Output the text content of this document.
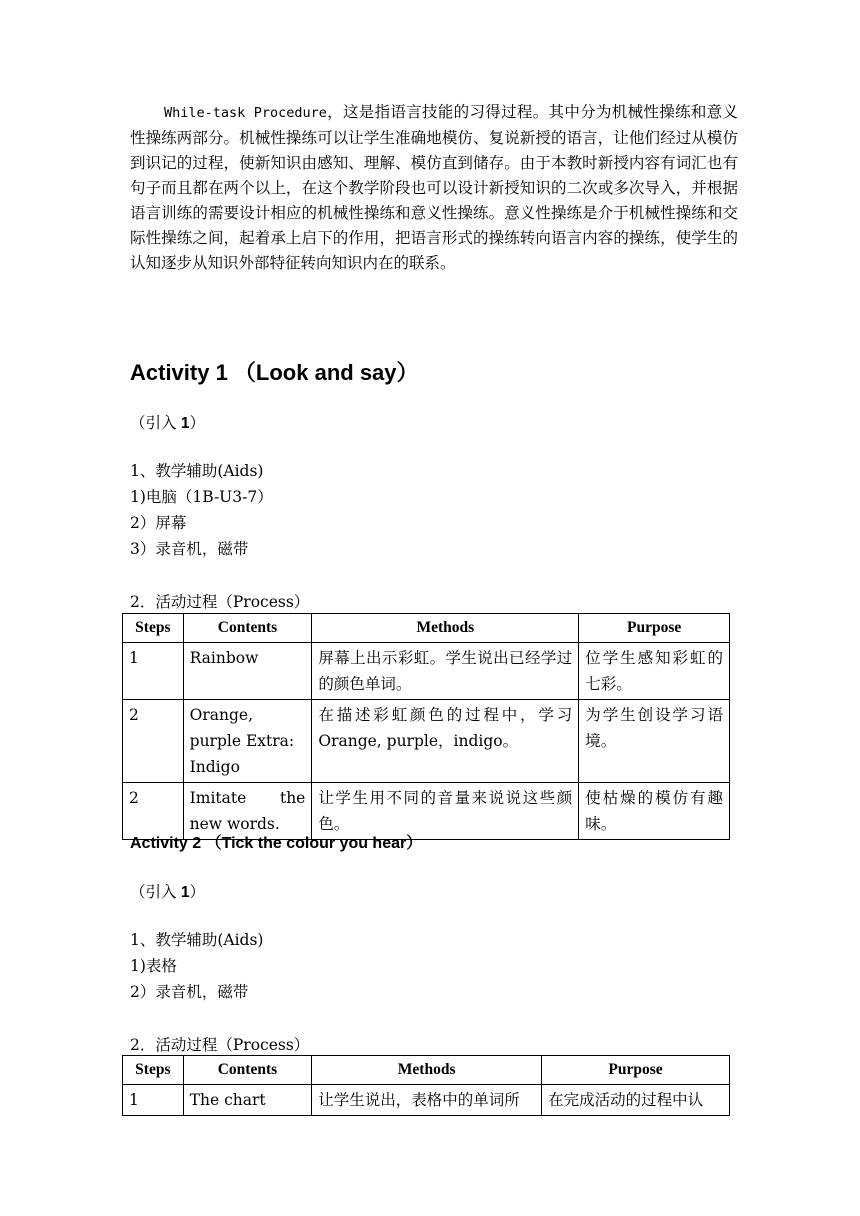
While-task Procedure，这是指语言技能的习得过程。其中分为机械性操练和意义性操练两部分。机械性操练可以让学生准确地模仿、复说新授的语言，让他们经过从模仿到识记的过程，使新知识由感知、理解、模仿直到储存。由于本教时新授内容有词汇也有句子而且都在两个以上，在这个教学阶段也可以设计新授知识的二次或多次导入，并根据语言训练的需要设计相应的机械性操练和意义性操练。意义性操练是介于机械性操练和交际性操练之间，起着承上启下的作用，把语言形式的操练转向语言内容的操练，使学生的认知逐步从知识外部特征转向知识内在的联系。

Activity 1 （Look and say）

（引入 1）

1、教学辅助(Aids)
1)电脑（1B-U3-7）
2）屏幕
3）录音机，磁带

2．活动过程（Process）

Steps	Contents	Methods	Purpose
1	Rainbow	屏幕上出示彩虹。学生说出已经学过的颜色单词。	位学生感知彩虹的七彩。
2	Orange, purple Extra: Indigo	在描述彩虹颜色的过程中，学习 Orange, purple，indigo。	为学生创设学习语境。
2	Imitate the new words.	让学生用不同的音量来说说这些颜色。	使枯燥的模仿有趣味。
Activity 2 （Tick the colour you hear）

（引入 1）

1、教学辅助(Aids)
1)表格
2）录音机，磁带

2．活动过程（Process）

Steps	Contents	Methods	Purpose
1	The chart	让学生说出，表格中的单词所	在完成活动的过程中认
